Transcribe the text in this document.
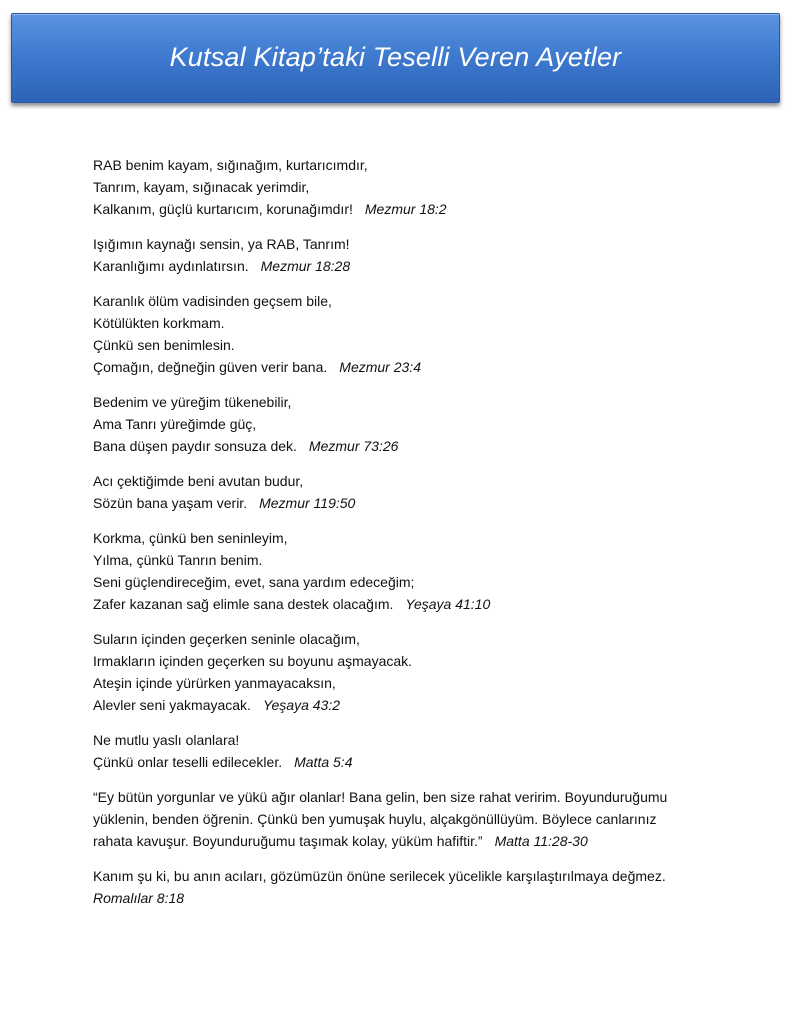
Kutsal Kitap’taki Teselli Veren Ayetler
RAB benim kayam, sığınağım, kurtarıcımdır,
Tanrım, kayam, sığınacak yerimdir,
Kalkanım, güçlü kurtarıcım, korunağımdır! Mezmur 18:2
Işığımın kaynağı sensin, ya RAB, Tanrım!
Karanlığımı aydınlatırsın. Mezmur 18:28
Karanlık ölüm vadisinden geçsem bile,
Kötülükten korkmam.
Çünkü sen benimlesin.
Çomağın, değneğin güven verir bana. Mezmur 23:4
Bedenim ve yüreğim tükenebilir,
Ama Tanrı yüreğimde güç,
Bana düşen paydır sonsuza dek. Mezmur 73:26
Acı çektiğimde beni avutan budur,
Sözün bana yaşam verir. Mezmur 119:50
Korkma, çünkü ben seninleyim,
Yılma, çünkü Tanrın benim.
Seni güçlendireceğim, evet, sana yardım edeceğim;
Zafer kazanan sağ elimle sana destek olacağım. Yeşaya 41:10
Suların içinden geçerken seninle olacağım,
Irmakların içinden geçerken su boyunu aşmayacak.
Ateşin içinde yürürken yanmayacaksın,
Alevler seni yakmayacak. Yeşaya 43:2
Ne mutlu yaslı olanlara!
Çünkü onlar teselli edilecekler. Matta 5:4
“Ey bütün yorgunlar ve yükü ağır olanlar! Bana gelin, ben size rahat veririm. Boyunduruğumu
yüklenin, benden öğrenin. Çünkü ben yumuşak huylu, alçakgönüllüyüm. Böylece canlarınız
rahata kavuşur. Boyunduruğumu taşımak kolay, yüküm hafiftir.” Matta 11:28-30
Kanım şu ki, bu anın acıları, gözümüzün önüne serilecek yücelikle karşılaştırılmaya değmez.
Romalılar 8:18
